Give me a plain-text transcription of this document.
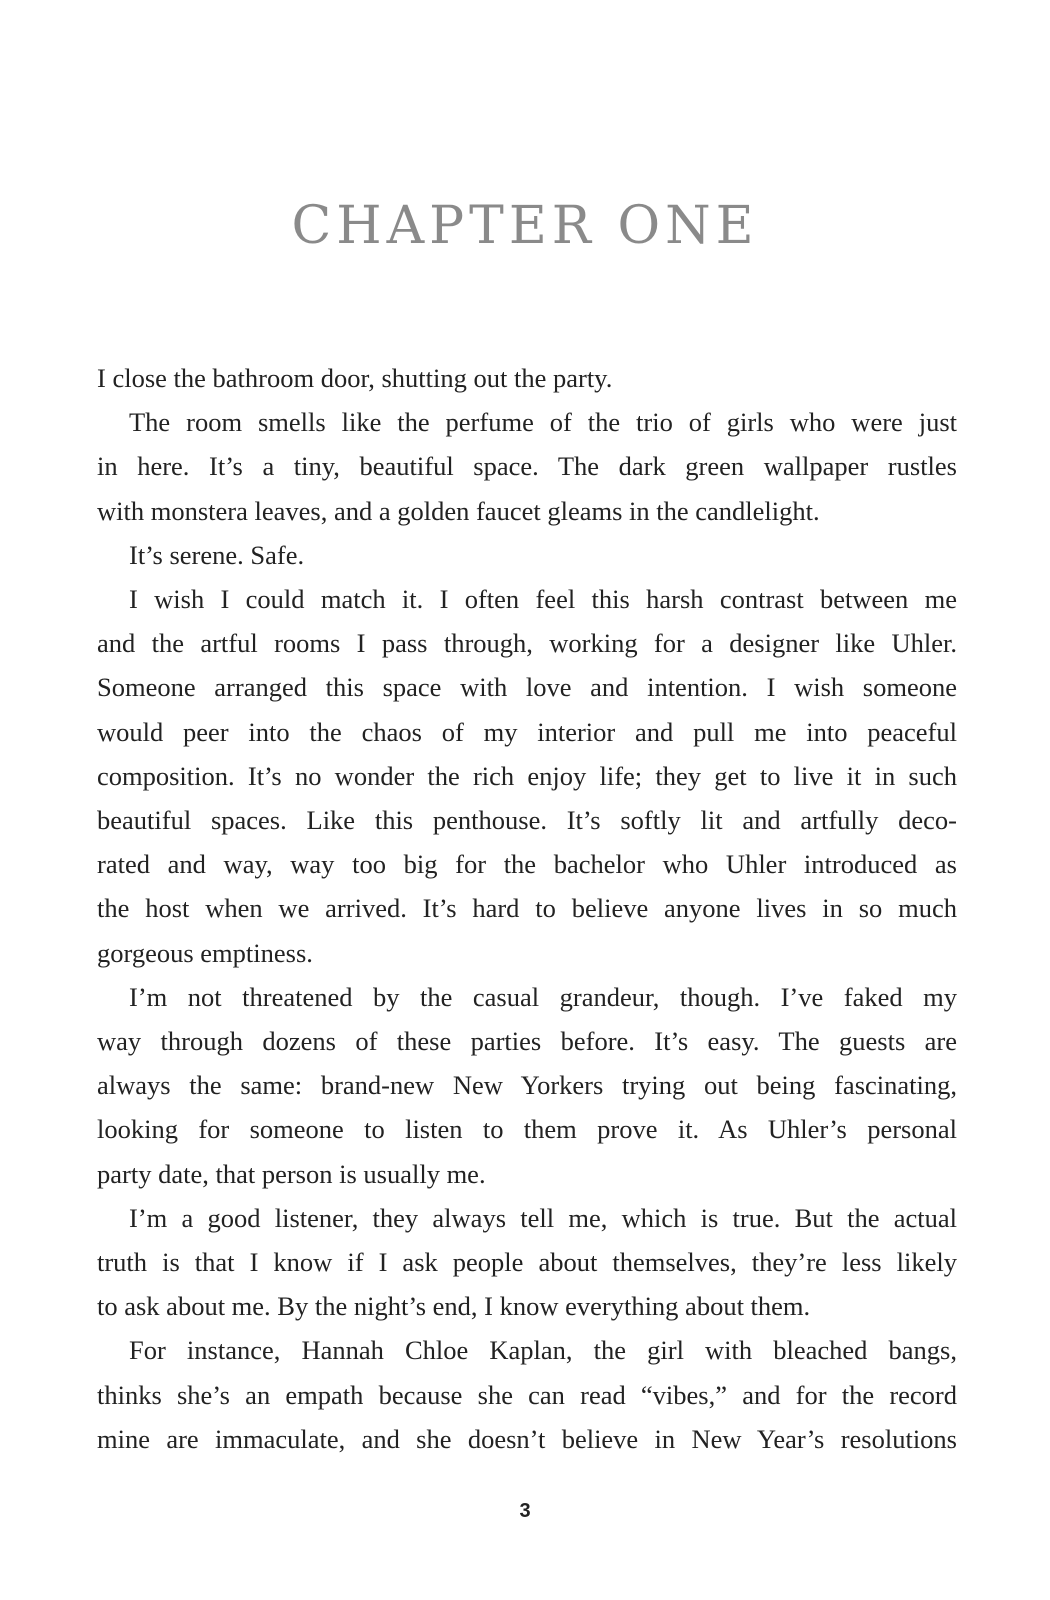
CHAPTER ONE
I close the bathroom door, shutting out the party.
The room smells like the perfume of the trio of girls who were just
in here. It’s a tiny, beautiful space. The dark green wallpaper rustles
with monstera leaves, and a golden faucet gleams in the candlelight.
It’s serene. Safe.
I wish I could match it. I often feel this harsh contrast between me
and the artful rooms I pass through, working for a designer like Uhler.
Someone arranged this space with love and intention. I wish someone
would peer into the chaos of my interior and pull me into peaceful
composition. It’s no wonder the rich enjoy life; they get to live it in such
beautiful spaces. Like this penthouse. It’s softly lit and artfully deco-
rated and way, way too big for the bachelor who Uhler introduced as
the host when we arrived. It’s hard to believe anyone lives in so much
gorgeous emptiness.
I’m not threatened by the casual grandeur, though. I’ve faked my
way through dozens of these parties before. It’s easy. The guests are
always the same: brand-new New Yorkers trying out being fascinating,
looking for someone to listen to them prove it. As Uhler’s personal
party date, that person is usually me.
I’m a good listener, they always tell me, which is true. But the actual
truth is that I know if I ask people about themselves, they’re less likely
to ask about me. By the night’s end, I know everything about them.
For instance, Hannah Chloe Kaplan, the girl with bleached bangs,
thinks she’s an empath because she can read “vibes,” and for the record
mine are immaculate, and she doesn’t believe in New Year’s resolutions
3
